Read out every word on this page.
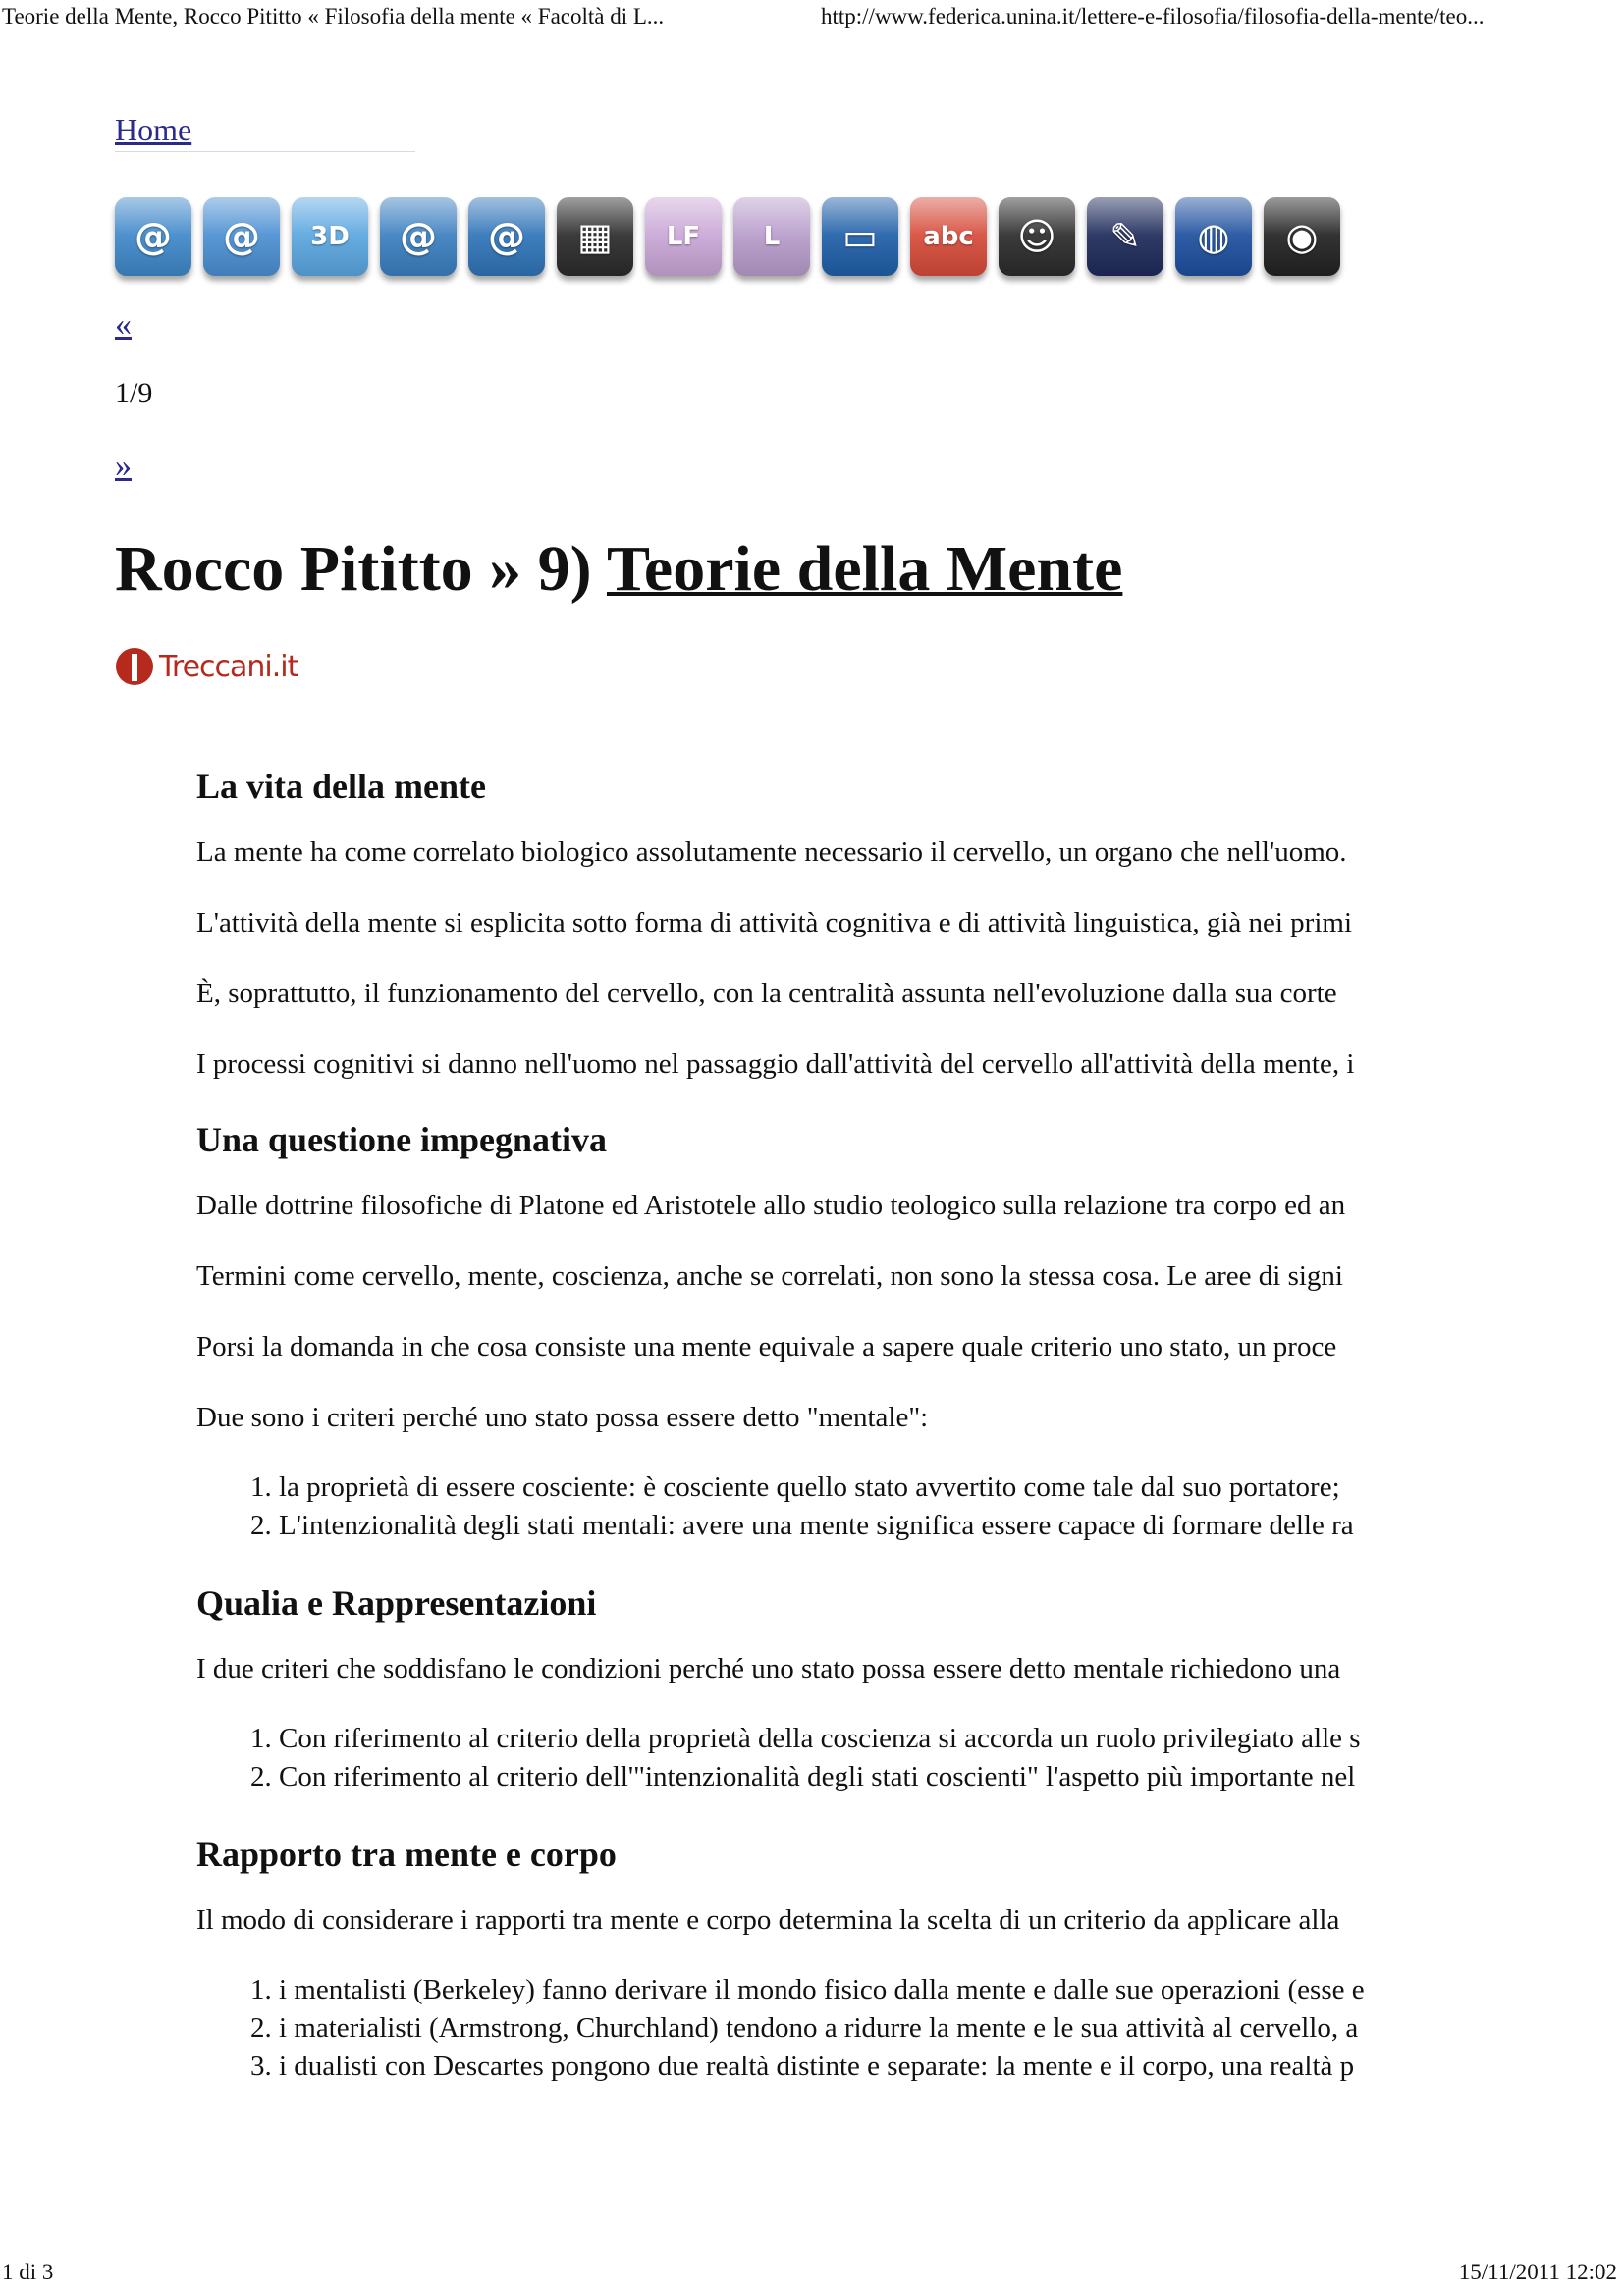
Teorie della Mente, Rocco Pititto « Filosofia della mente « Facoltà di L...	http://www.federica.unina.it/lettere-e-filosofia/filosofia-della-mente/teo...
Home
@ @ 3D @ @ ▦ LF L ▭ abc ☺ ✎ ◍ ◉
«
1/9
»
Rocco Pititto » 9) Teorie della Mente
Treccani.it
La vita della mente

La mente ha come correlato biologico assolutamente necessario il cervello, un organo che nell'uomo.

L'attività della mente si esplicita sotto forma di attività cognitiva e di attività linguistica, già nei primi

È, soprattutto, il funzionamento del cervello, con la centralità assunta nell'evoluzione dalla sua corte

I processi cognitivi si danno nell'uomo nel passaggio dall'attività del cervello all'attività della mente, i

Una questione impegnativa

Dalle dottrine filosofiche di Platone ed Aristotele allo studio teologico sulla relazione tra corpo ed an

Termini come cervello, mente, coscienza, anche se correlati, non sono la stessa cosa. Le aree di signi

Porsi la domanda in che cosa consiste una mente equivale a sapere quale criterio uno stato, un proce

Due sono i criteri perché uno stato possa essere detto "mentale":

1. la proprietà di essere cosciente: è cosciente quello stato avvertito come tale dal suo portatore;
2. L'intenzionalità degli stati mentali: avere una mente significa essere capace di formare delle ra
Qualia e Rappresentazioni

I due criteri che soddisfano le condizioni perché uno stato possa essere detto mentale richiedono una

1. Con riferimento al criterio della proprietà della coscienza si accorda un ruolo privilegiato alle s
2. Con riferimento al criterio dell'"intenzionalità degli stati coscienti" l'aspetto più importante nel
Rapporto tra mente e corpo

Il modo di considerare i rapporti tra mente e corpo determina la scelta di un criterio da applicare alla

1. i mentalisti (Berkeley) fanno derivare il mondo fisico dalla mente e dalle sue operazioni (esse e
2. i materialisti (Armstrong, Churchland) tendono a ridurre la mente e le sua attività al cervello, a
3. i dualisti con Descartes pongono due realtà distinte e separate: la mente e il corpo, una realtà p
1 di 3	15/11/2011 12:02
